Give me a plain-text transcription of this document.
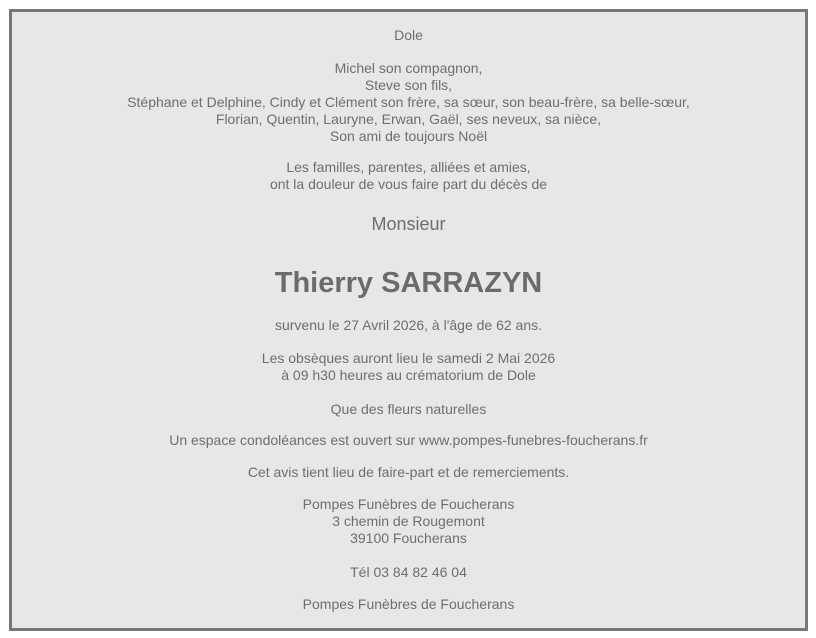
Dole
Michel son compagnon,
Steve son fils,
Stéphane et Delphine, Cindy et Clément son frère, sa sœur, son beau-frère, sa belle-sœur,
Florian, Quentin, Lauryne, Erwan, Gaël, ses neveux, sa nièce,
Son ami de toujours Noël
Les familles, parentes, alliées et amies,
ont la douleur de vous faire part du décès de
Monsieur
Thierry SARRAZYN
survenu le 27 Avril 2026, à l'âge de 62 ans.
Les obsèques auront lieu le samedi 2 Mai 2026
à 09 h30 heures au crématorium de Dole
Que des fleurs naturelles
Un espace condoléances est ouvert sur www.pompes-funebres-foucherans.fr
Cet avis tient lieu de faire-part et de remerciements.
Pompes Funèbres de Foucherans
3 chemin de Rougemont
39100 Foucherans
Tél 03 84 82 46 04
Pompes Funèbres de Foucherans
